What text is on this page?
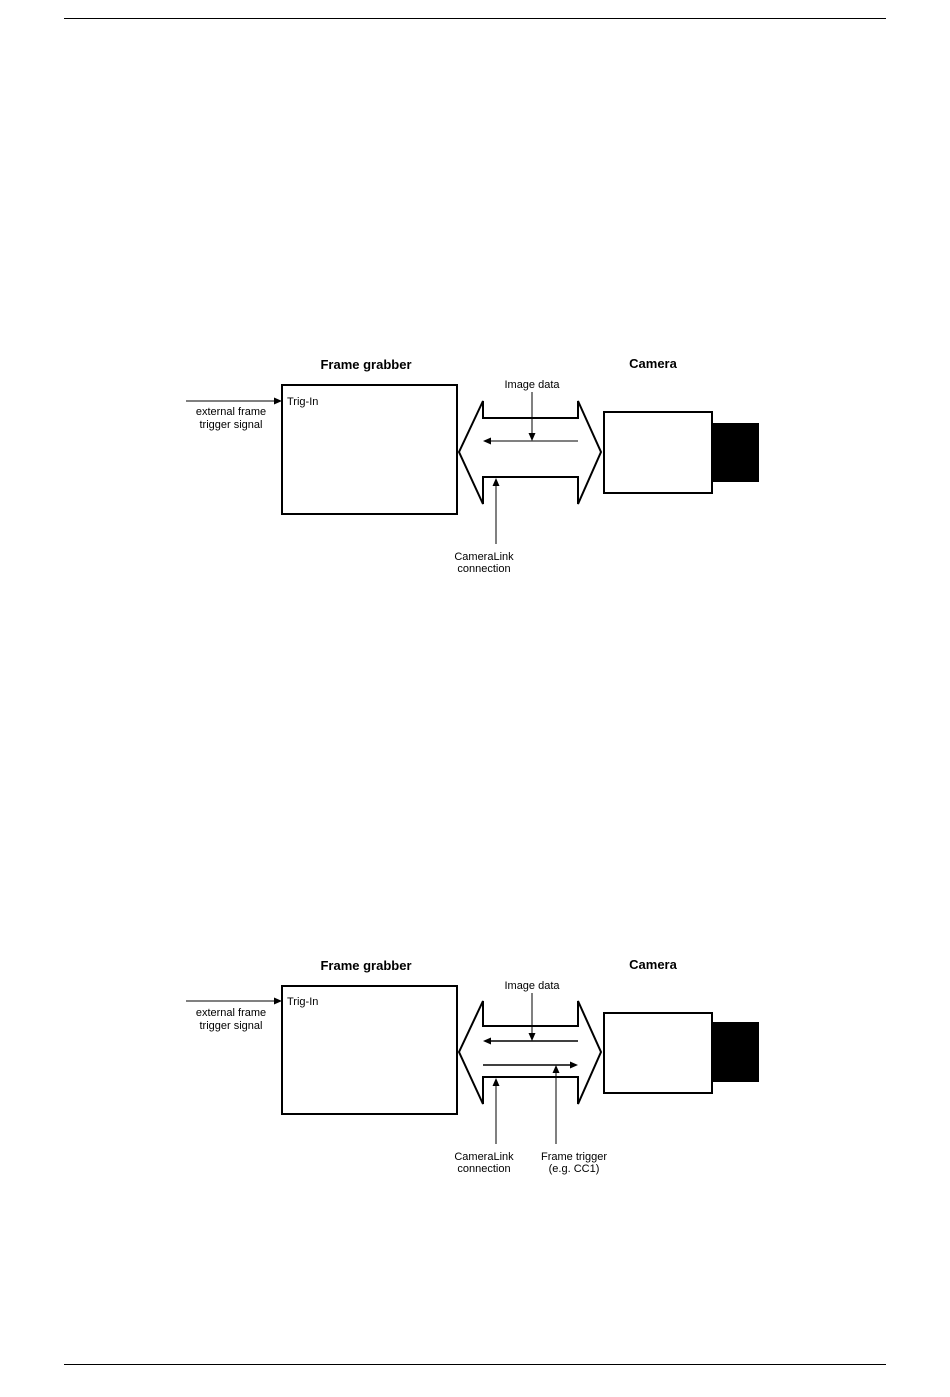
Frame grabber	Camera
Trig-In
external frame
trigger signal
Image data
CameraLink
connection
Frame grabber	Camera
Trig-In
external frame
trigger signal
Image data
CameraLink
connection
Frame trigger
(e.g. CC1)
